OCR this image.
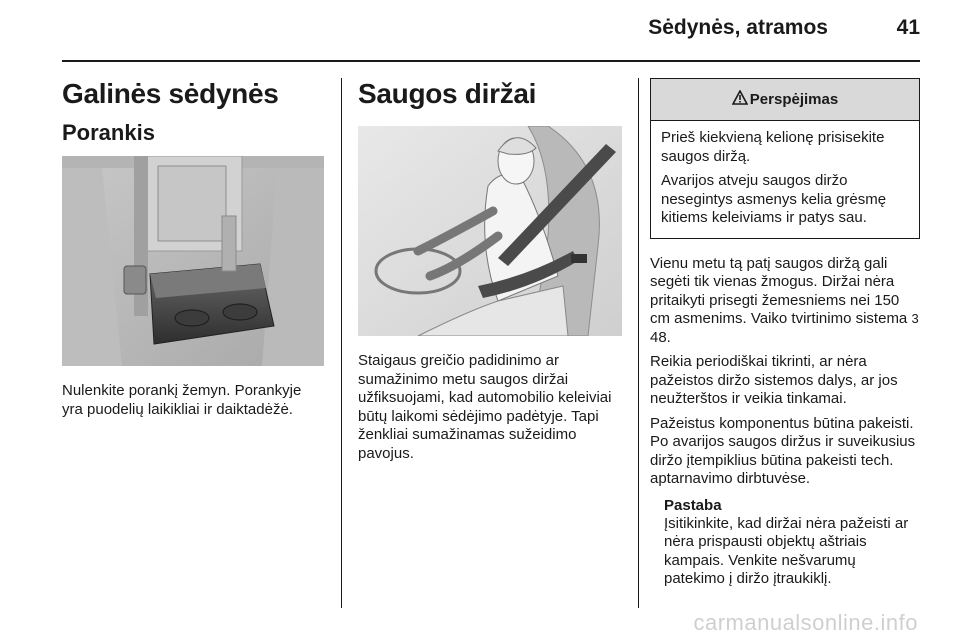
Sėdynės, atramos	41
Galinės sėdynės
Porankis

Nulenkite porankį žemyn. Porankyje yra puodelių laikikliai ir daiktadėžė.

Saugos diržai

Staigaus greičio padidinimo ar sumažinimo metu saugos diržai užfiksuojami, kad automobilio keleiviai būtų laikomi sėdėjimo padėtyje. Tapi ženkliai sumažinamas sužeidimo pavojus.

Perspėjimas

Prieš kiekvieną kelionę prisisekite saugos diržą.

Avarijos atveju saugos diržo nesegintys asmenys kelia grėsmę kitiems keleiviams ir patys sau.

Vienu metu tą patį saugos diržą gali segėti tik vienas žmogus. Diržai nėra pritaikyti prisegti žemesniems nei 150 cm asmenims. Vaiko tvirtinimo sistema 3 48.

Reikia periodiškai tikrinti, ar nėra pažeistos diržo sistemos dalys, ar jos neužterštos ir veikia tinkamai.

Pažeistus komponentus būtina pakeisti. Po avarijos saugos diržus ir suveikusius diržo įtempiklius būtina pakeisti tech. aptarnavimo dirbtuvėse.

Pastaba

Įsitikinkite, kad diržai nėra pažeisti ar nėra prispausti objektų aštriais kampais. Venkite nešvarumų patekimo į diržo įtraukiklį.

carmanualsonline.info
